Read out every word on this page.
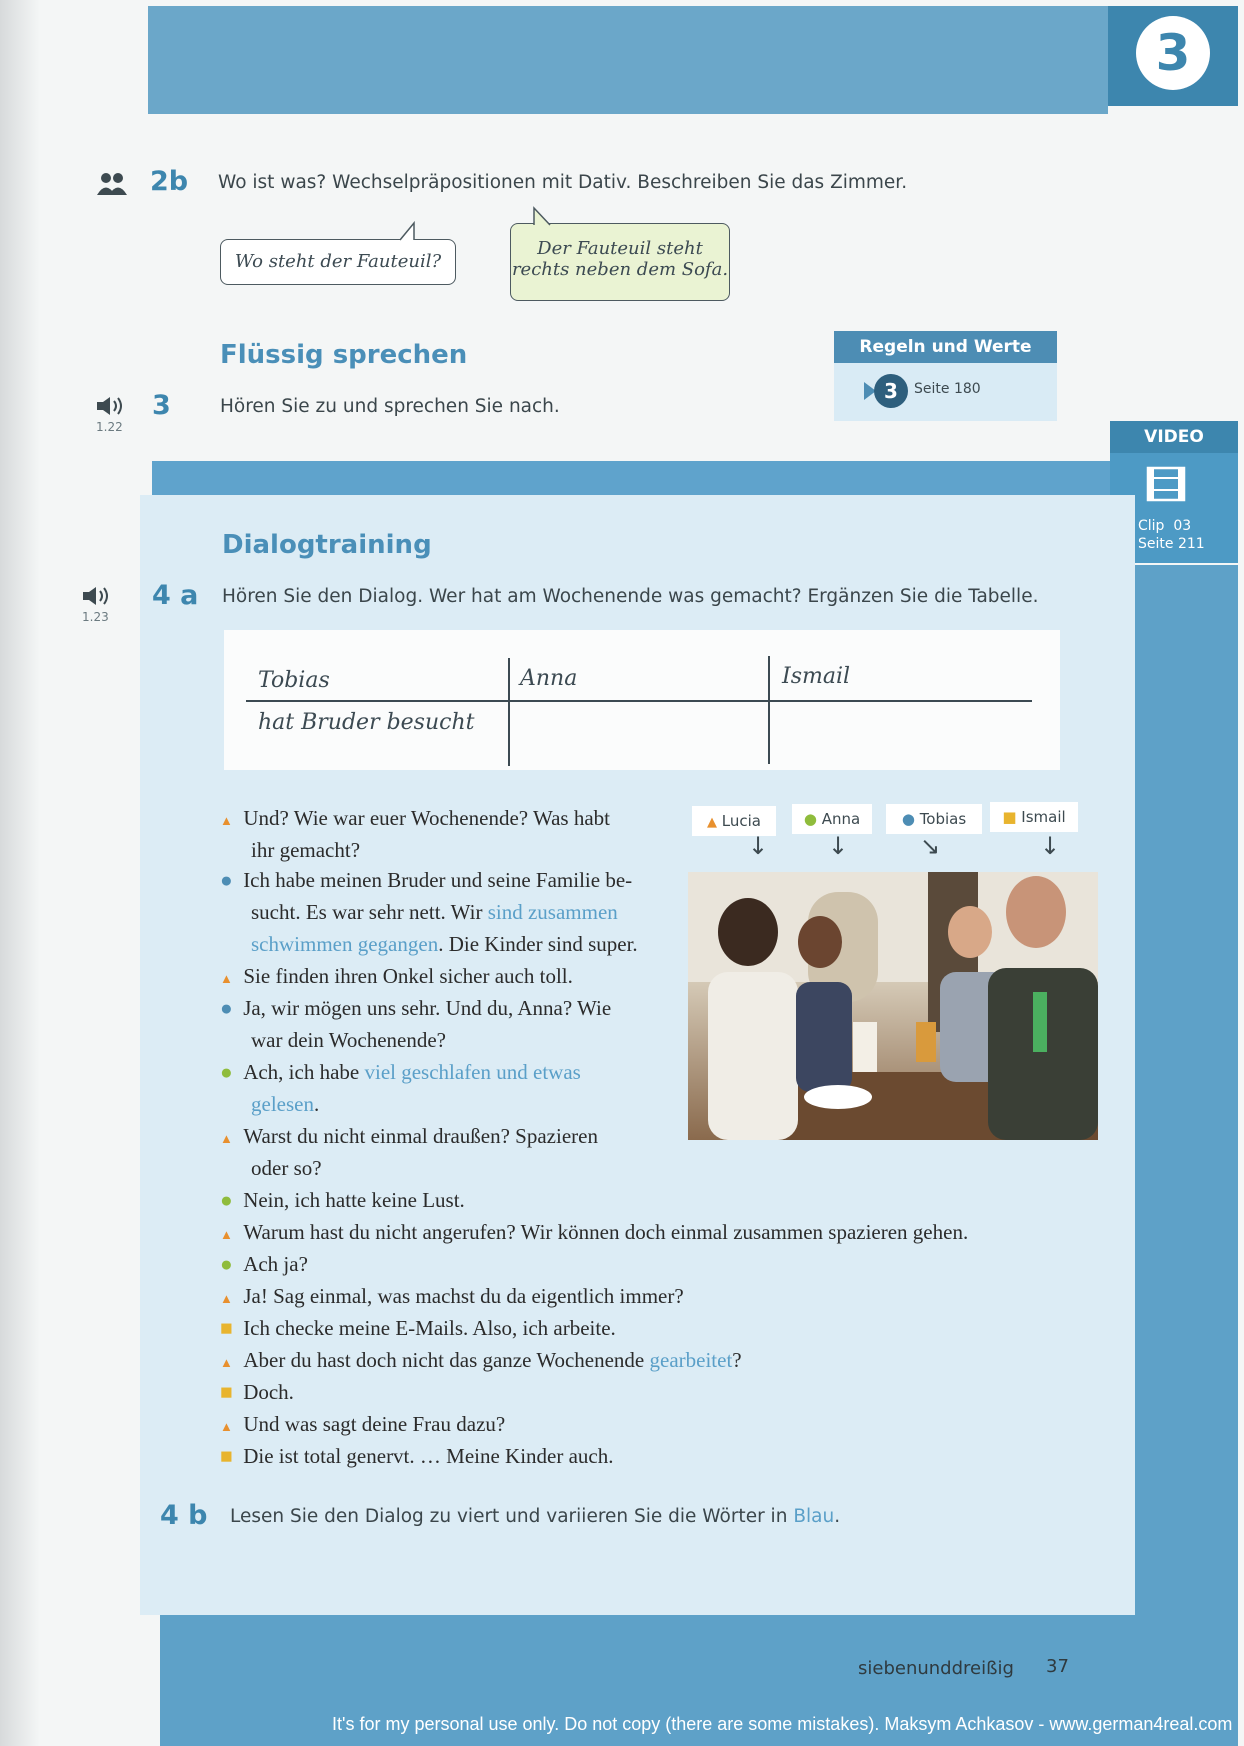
3
2b Wo ist was? Wechselpräpositionen mit Dativ. Beschreiben Sie das Zimmer.
Wo steht der Fauteuil?
Der Fauteuil steht
rechts neben dem Sofa.
Flüssig sprechen
1.22
3	Hören Sie zu und sprechen Sie nach.
Regeln und Werte
3	Seite 180
VIDEO
Clip  03
Seite 211
Dialogtraining
1.23
4 a Hören Sie den Dialog. Wer hat am Wochenende was gemacht? Ergänzen Sie die Tabelle.
Tobias	Anna	Ismail
hat Bruder besucht
▲ Lucia	● Anna	● Tobias	■ Ismail
↓ ↓	↘	↓
▲ Und? Wie war euer Wochenende? Was habt
ihr gemacht?
● Ich habe meinen Bruder und seine Familie be-
sucht. Es war sehr nett. Wir sind zusammen
schwimmen gegangen. Die Kinder sind super.
▲ Sie finden ihren Onkel sicher auch toll.
● Ja, wir mögen uns sehr. Und du, Anna? Wie
war dein Wochenende?
● Ach, ich habe viel geschlafen und etwas
gelesen.
▲ Warst du nicht einmal draußen? Spazieren
oder so?
● Nein, ich hatte keine Lust.
▲ Warum hast du nicht angerufen? Wir können doch einmal zusammen spazieren gehen.
● Ach ja?
▲ Ja! Sag einmal, was machst du da eigentlich immer?
■ Ich checke meine E-Mails. Also, ich arbeite.
▲ Aber du hast doch nicht das ganze Wochenende gearbeitet?
■ Doch.
▲ Und was sagt deine Frau dazu?
■ Die ist total genervt. … Meine Kinder auch.
4 b Lesen Sie den Dialog zu viert und variieren Sie die Wörter in Blau.
siebenunddreißig 37
It's for my personal use only. Do not copy (there are some mistakes). Maksym Achkasov - www.german4real.com
